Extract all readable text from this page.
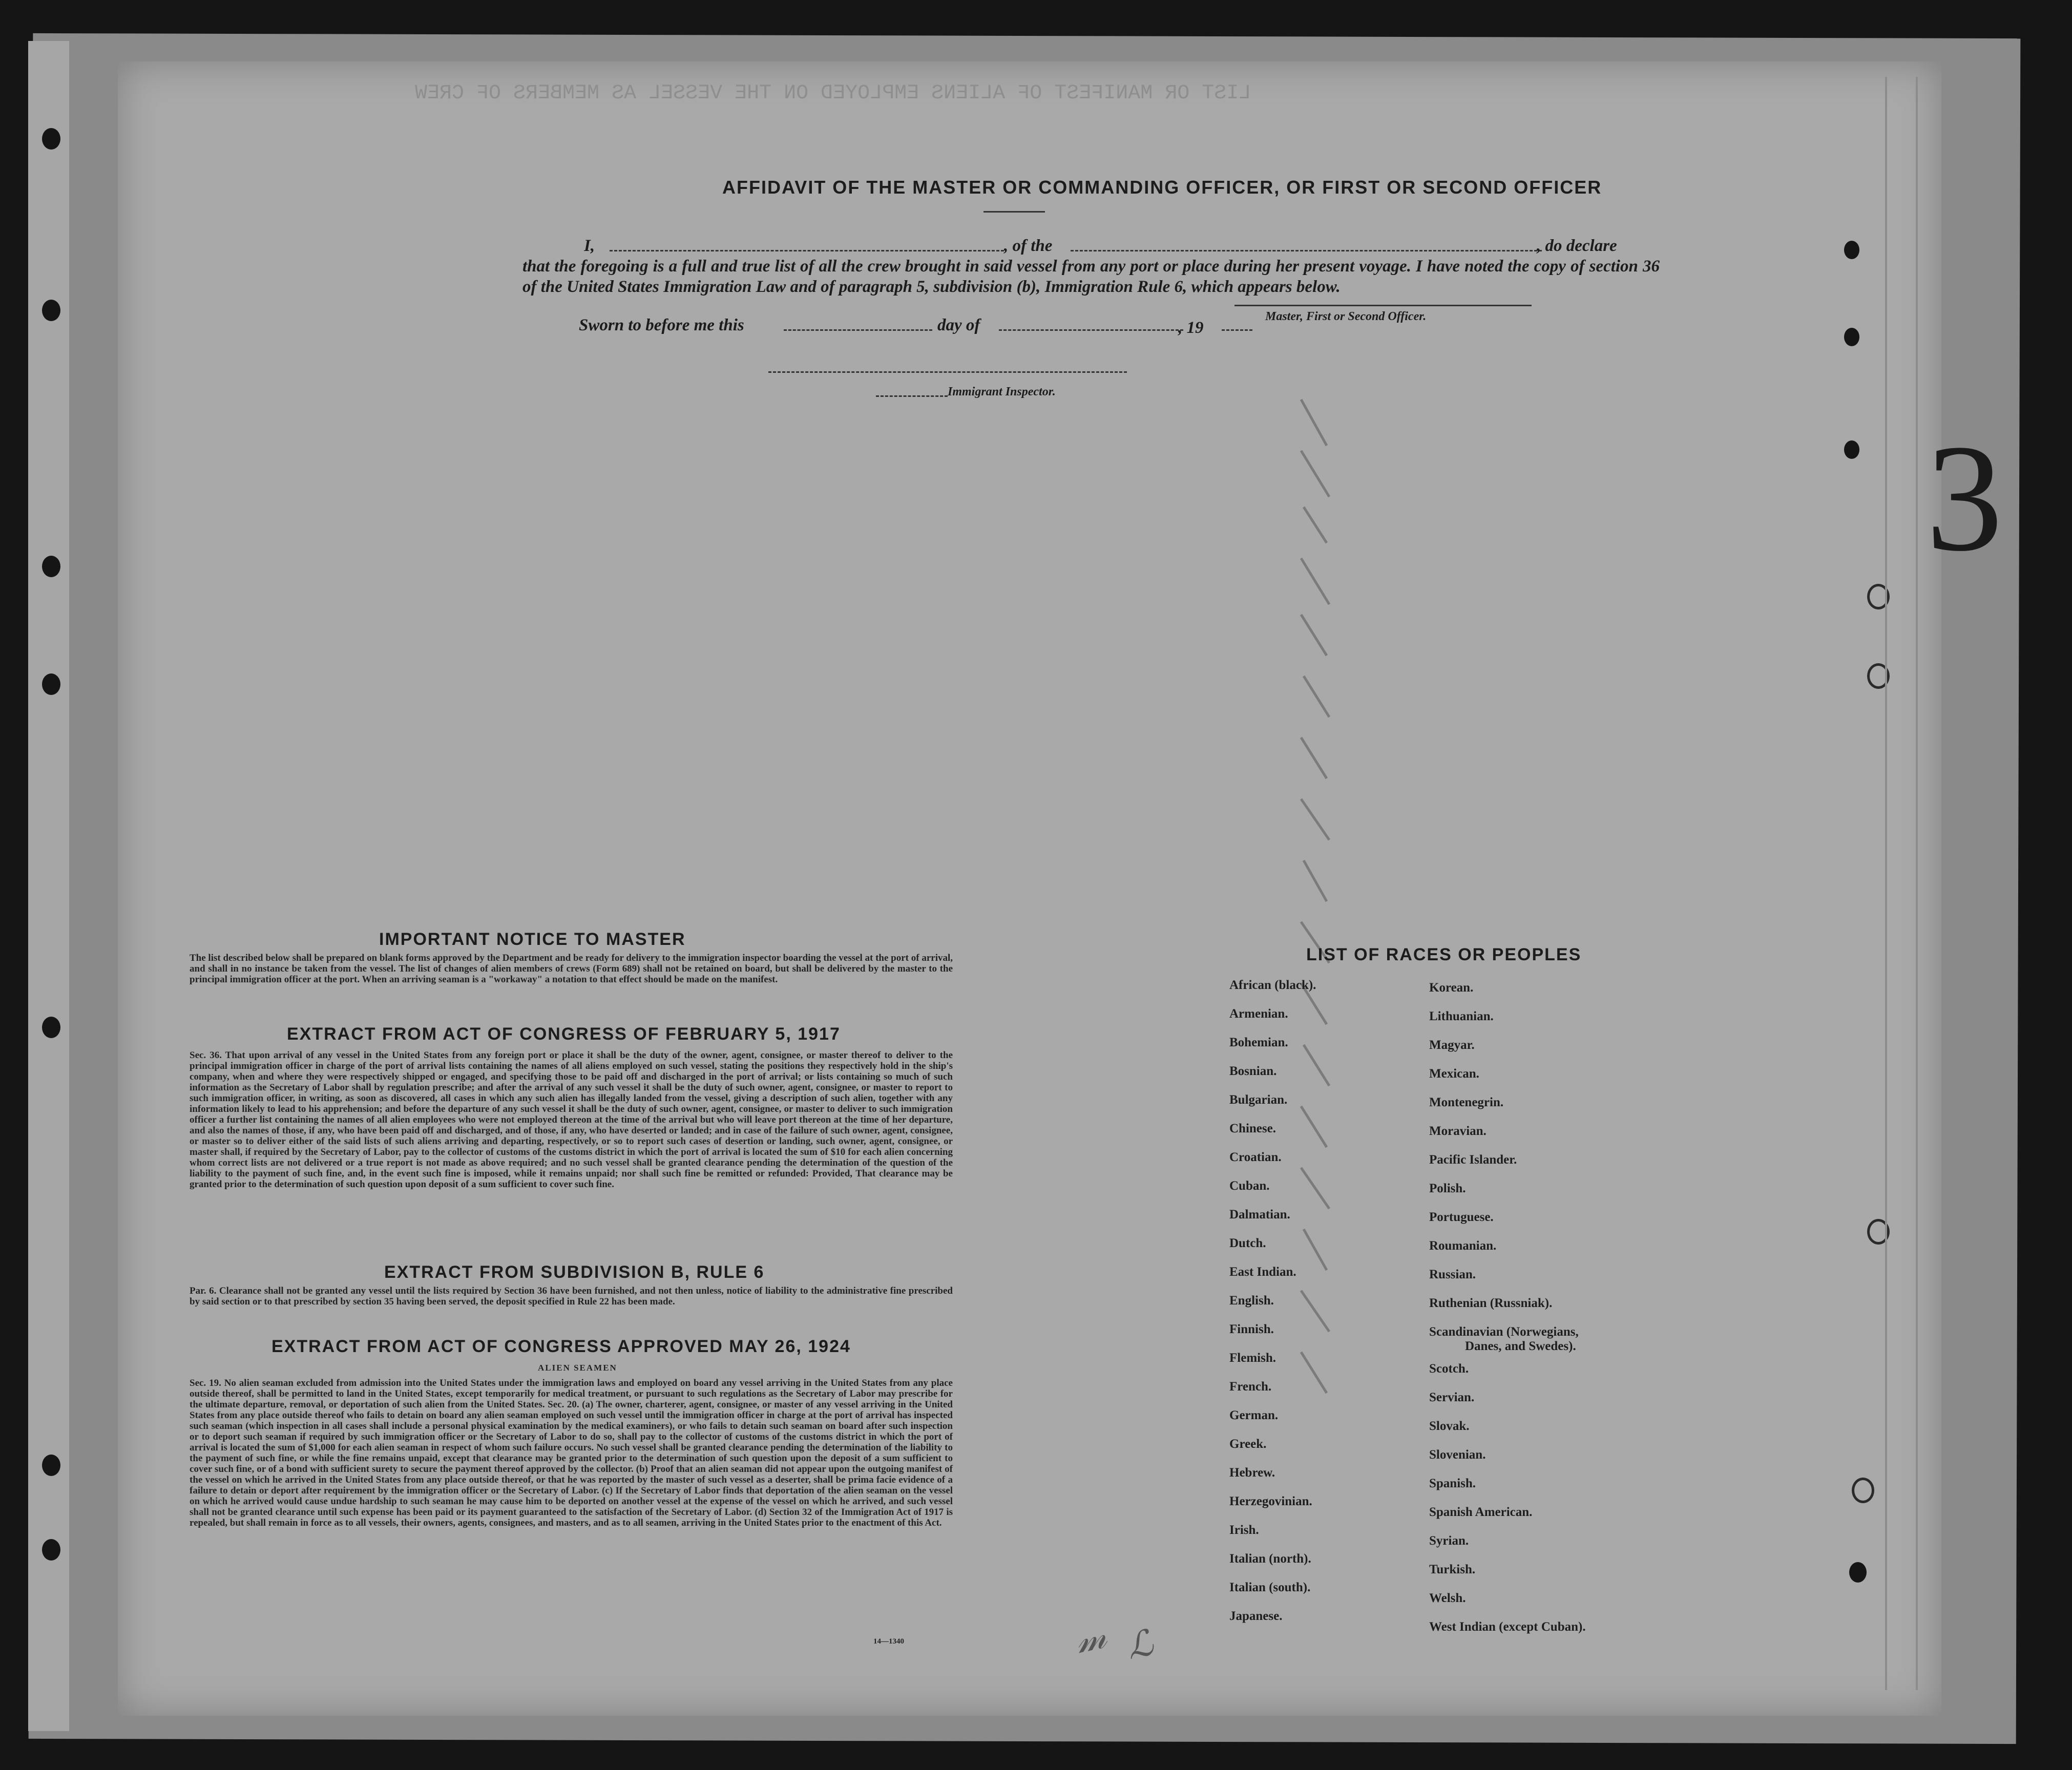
LIST OR MANIFEST OF ALIENS EMPLOYED ON THE VESSEL AS MEMBERS OF CREW
AFFIDAVIT OF THE MASTER OR COMMANDING OFFICER, OR FIRST OR SECOND OFFICER
I,	, of the	, do declare
that the foregoing is a full and true list of all the crew brought in said vessel from any port or place during her present voyage. I have noted the copy of section 36 of the United States Immigration Law and of paragraph 5, subdivision (b), Immigration Rule 6, which appears below.
Master, First or Second Officer.
Sworn to before me this	day of	, 19
Immigrant Inspector.
IMPORTANT NOTICE TO MASTER
The list described below shall be prepared on blank forms approved by the Department and be ready for delivery to the immigration inspector boarding the vessel at the port of arrival, and shall in no instance be taken from the vessel. The list of changes of alien members of crews (Form 689) shall not be retained on board, but shall be delivered by the master to the principal immigration officer at the port. When an arriving seaman is a "workaway" a notation to that effect should be made on the manifest.
EXTRACT FROM ACT OF CONGRESS OF FEBRUARY 5, 1917
Sec. 36. That upon arrival of any vessel in the United States from any foreign port or place it shall be the duty of the owner, agent, consignee, or master thereof to deliver to the principal immigration officer in charge of the port of arrival lists containing the names of all aliens employed on such vessel, stating the positions they respectively hold in the ship's company, when and where they were respectively shipped or engaged, and specifying those to be paid off and discharged in the port of arrival; or lists containing so much of such information as the Secretary of Labor shall by regulation prescribe; and after the arrival of any such vessel it shall be the duty of such owner, agent, consignee, or master to report to such immigration officer, in writing, as soon as discovered, all cases in which any such alien has illegally landed from the vessel, giving a description of such alien, together with any information likely to lead to his apprehension; and before the departure of any such vessel it shall be the duty of such owner, agent, consignee, or master to deliver to such immigration officer a further list containing the names of all alien employees who were not employed thereon at the time of the arrival but who will leave port thereon at the time of her departure, and also the names of those, if any, who have been paid off and discharged, and of those, if any, who have deserted or landed; and in case of the failure of such owner, agent, consignee, or master so to deliver either of the said lists of such aliens arriving and departing, respectively, or so to report such cases of desertion or landing, such owner, agent, consignee, or master shall, if required by the Secretary of Labor, pay to the collector of customs of the customs district in which the port of arrival is located the sum of $10 for each alien concerning whom correct lists are not delivered or a true report is not made as above required; and no such vessel shall be granted clearance pending the determination of the question of the liability to the payment of such fine, and, in the event such fine is imposed, while it remains unpaid; nor shall such fine be remitted or refunded: Provided, That clearance may be granted prior to the determination of such question upon deposit of a sum sufficient to cover such fine.
EXTRACT FROM SUBDIVISION B, RULE 6
Par. 6. Clearance shall not be granted any vessel until the lists required by Section 36 have been furnished, and not then unless, notice of liability to the administrative fine prescribed by said section or to that prescribed by section 35 having been served, the deposit specified in Rule 22 has been made.
EXTRACT FROM ACT OF CONGRESS APPROVED MAY 26, 1924
ALIEN SEAMEN
Sec. 19. No alien seaman excluded from admission into the United States under the immigration laws and employed on board any vessel arriving in the United States from any place outside thereof, shall be permitted to land in the United States, except temporarily for medical treatment, or pursuant to such regulations as the Secretary of Labor may prescribe for the ultimate departure, removal, or deportation of such alien from the United States. Sec. 20. (a) The owner, charterer, agent, consignee, or master of any vessel arriving in the United States from any place outside thereof who fails to detain on board any alien seaman employed on such vessel until the immigration officer in charge at the port of arrival has inspected such seaman (which inspection in all cases shall include a personal physical examination by the medical examiners), or who fails to detain such seaman on board after such inspection or to deport such seaman if required by such immigration officer or the Secretary of Labor to do so, shall pay to the collector of customs of the customs district in which the port of arrival is located the sum of $1,000 for each alien seaman in respect of whom such failure occurs. No such vessel shall be granted clearance pending the determination of the liability to the payment of such fine, or while the fine remains unpaid, except that clearance may be granted prior to the determination of such question upon the deposit of a sum sufficient to cover such fine, or of a bond with sufficient surety to secure the payment thereof approved by the collector. (b) Proof that an alien seaman did not appear upon the outgoing manifest of the vessel on which he arrived in the United States from any place outside thereof, or that he was reported by the master of such vessel as a deserter, shall be prima facie evidence of a failure to detain or deport after requirement by the immigration officer or the Secretary of Labor. (c) If the Secretary of Labor finds that deportation of the alien seaman on the vessel on which he arrived would cause undue hardship to such seaman he may cause him to be deported on another vessel at the expense of the vessel on which he arrived, and such vessel shall not be granted clearance until such expense has been paid or its payment guaranteed to the satisfaction of the Secretary of Labor. (d) Section 32 of the Immigration Act of 1917 is repealed, but shall remain in force as to all vessels, their owners, agents, consignees, and masters, and as to all seamen, arriving in the United States prior to the enactment of this Act.
14—1340
LIST OF RACES OR PEOPLES
African (black).
Armenian.
Bohemian.
Bosnian.
Bulgarian.
Chinese.
Croatian.
Cuban.
Dalmatian.
Dutch.
East Indian.
English.
Finnish.
Flemish.
French.
German.
Greek.
Hebrew.
Herzegovinian.
Irish.
Italian (north).
Italian (south).
Japanese.
Korean.
Lithuanian.
Magyar.
Mexican.
Montenegrin.
Moravian.
Pacific Islander.
Polish.
Portuguese.
Roumanian.
Russian.
Ruthenian (Russniak).
Scandinavian (Norwegians,
Danes, and Swedes).
Scotch.
Servian.
Slovak.
Slovenian.
Spanish.
Spanish American.
Syrian.
Turkish.
Welsh.
West Indian (except Cuban).
𝓂 ℒ
3
